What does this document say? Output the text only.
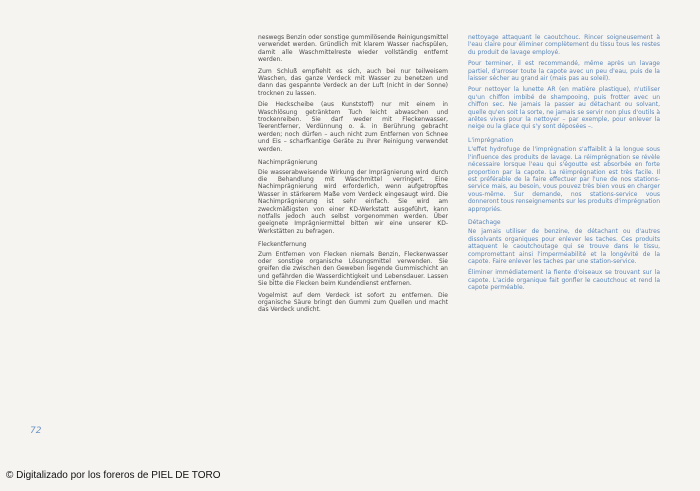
neswegs Benzin oder sonstige gummilösende Reinigungsmittel verwendet werden. Gründlich mit klarem Wasser nachspülen, damit alle Waschmittelreste wieder vollständig entfernt werden.

Zum Schluß empfiehlt es sich, auch bei nur teilweisem Waschen, das ganze Verdeck mit Wasser zu benetzen und dann das gespannte Verdeck an der Luft (nicht in der Sonne) trocknen zu lassen.

Die Heckscheibe (aus Kunststoff) nur mit einem in Waschlösung getränktem Tuch leicht abwaschen und trockenreiben. Sie darf weder mit Fleckenwasser, Teerentferner, Verdünnung o. ä. in Berührung gebracht werden; noch dürfen – auch nicht zum Entfernen von Schnee und Eis – scharfkantige Geräte zu ihrer Reinigung verwendet werden.

Nachimprägnierung

Die wasserabweisende Wirkung der Imprägnierung wird durch die Behandlung mit Waschmittel verringert. Eine Nachimprägnierung wird erforderlich, wenn aufgetropftes Wasser in stärkerem Maße vom Verdeck eingesaugt wird. Die Nachimprägnierung ist sehr einfach. Sie wird am zweckmäßigsten von einer KD-Werkstatt ausgeführt, kann notfalls jedoch auch selbst vorgenommen werden. Über geeignete Imprägniermittel bitten wir eine unserer KD-Werkstätten zu befragen.

Fleckentfernung

Zum Entfernen von Flecken niemals Benzin, Fleckenwasser oder sonstige organische Lösungsmittel verwenden. Sie greifen die zwischen den Geweben liegende Gummischicht an und gefährden die Wasserdichtigkeit und Lebensdauer. Lassen Sie bitte die Flecken beim Kundendienst entfernen.

Vogelmist auf dem Verdeck ist sofort zu entfernen. Die organische Säure bringt den Gummi zum Quellen und macht das Verdeck undicht.

nettoyage attaquant le caoutchouc. Rincer soigneusement à l'eau claire pour éliminer complètement du tissu tous les restes du produit de lavage employé.

Pour terminer, il est recommandé, même après un lavage partiel, d'arroser toute la capote avec un peu d'eau, puis de la laisser sécher au grand air (mais pas au soleil).

Pour nettoyer la lunette AR (en matière plastique), n'utiliser qu'un chiffon imbibé de shampooing, puis frotter avec un chiffon sec. Ne jamais la passer au détachant ou solvant, quelle qu'en soit la sorte, ne jamais se servir non plus d'outils à arêtes vives pour la nettoyer – par exemple, pour enlever la neige ou la glace qui s'y sont déposées –.

L'imprégnation

L'effet hydrofuge de l'imprégnation s'affaiblit à la longue sous l'influence des produits de lavage. La réimprégnation se révèle nécessaire lorsque l'eau qui s'égoutte est absorbée en forte proportion par la capote. La réimprégnation est très facile. Il est préférable de la faire effectuer par l'une de nos stations-service mais, au besoin, vous pouvez très bien vous en charger vous-même. Sur demande, nos stations-service vous donneront tous renseignements sur les produits d'imprégnation appropriés.

Détachage

Ne jamais utiliser de benzine, de détachant ou d'autres dissolvants organiques pour enlever les taches. Ces produits attaquent le caoutchoutage qui se trouve dans le tissu, compromettant ainsi l'imperméabilité et la longévité de la capote. Faire enlever les taches par une station-service.

Éliminer immédiatement la fiente d'oiseaux se trouvant sur la capote. L'acide organique fait gonfler le caoutchouc et rend la capote perméable.

72
© Digitalizado por los foreros de PIEL DE TORO
